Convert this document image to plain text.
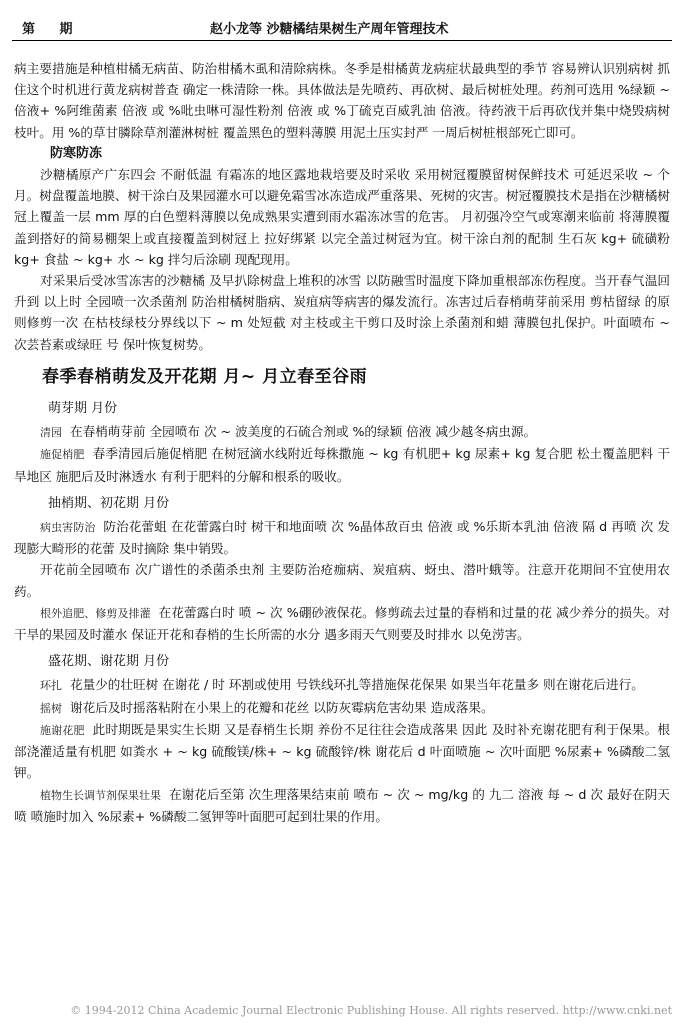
第 期	赵小龙等 沙糖橘结果树生产周年管理技术

病主要措施是种植柑橘无病苗、防治柑橘木虱和清除病株。冬季是柑橘黄龙病症状最典型的季节 容易辨认识别病树 抓住这个时机进行黄龙病树普查 确定一株清除一株。具体做法是先喷药、再砍树、最后树桩处理。药剂可选用 %绿颖 ~ 倍液+ %阿维菌素 倍液 或 %吡虫啉可湿性粉剂 倍液 或 %丁硫克百威乳油 倍液。待药液干后再砍伐并集中烧毁病树枝叶。用 %的草甘膦除草剂灌淋树桩 覆盖黑色的塑料薄膜 用泥土压实封严 一周后树桩根部死亡即可。

防寒防冻

沙糖橘原产广东四会 不耐低温 有霜冻的地区露地栽培要及时采收 采用树冠覆膜留树保鲜技术 可延迟采收 ~ 个月。树盘覆盖地膜、树干涂白及果园灌水可以避免霜雪冰冻造成严重落果、死树的灾害。树冠覆膜技术是指在沙糖橘树冠上覆盖一层 mm 厚的白色塑料薄膜以免成熟果实遭到雨水霜冻冰雪的危害。 月初强冷空气或寒潮来临前 将薄膜覆盖到搭好的简易棚架上或直接覆盖到树冠上 拉好绑紧 以完全盖过树冠为宜。树干涂白剂的配制 生石灰 kg+ 硫磺粉 kg+ 食盐 ~ kg+ 水 ~ kg 拌匀后涂刷 现配现用。

对采果后受冰雪冻害的沙糖橘 及早扒除树盘上堆积的冰雪 以防融雪时温度下降加重根部冻伤程度。当开春气温回升到 以上时 全园喷一次杀菌剂 防治柑橘树脂病、炭疽病等病害的爆发流行。冻害过后春梢萌芽前采用 剪枯留绿 的原则修剪一次 在枯枝绿枝分界线以下 ~ m 处短截 对主枝或主干剪口及时涂上杀菌剂和蜡 薄膜包扎保护。叶面喷布 ~ 次芸苔素或绿旺 号 保叶恢复树势。

春季春梢萌发及开花期 月~ 月立春至谷雨
萌芽期 月份

清园 在春梢萌芽前 全园喷布 次 ~ 波美度的石硫合剂或 %的绿颖 倍液 减少越冬病虫源。

施促梢肥 春季清园后施促梢肥 在树冠滴水线附近每株撒施 ~ kg 有机肥+ kg 尿素+ kg 复合肥 松土覆盖肥料 干旱地区 施肥后及时淋透水 有利于肥料的分解和根系的吸收。

抽梢期、初花期 月份

病虫害防治 防治花蕾蛆 在花蕾露白时 树干和地面喷 次 %晶体敌百虫 倍液 或 %乐斯本乳油 倍液 隔 d 再喷 次 发现膨大畸形的花蕾 及时摘除 集中销毁。

开花前全园喷布 次广谱性的杀菌杀虫剂 主要防治疮痂病、炭疽病、蚜虫、潜叶蛾等。注意开花期间不宜使用农药。

根外追肥、修剪及排灌 在花蕾露白时 喷 ~ 次 %硼砂液保花。修剪疏去过量的春梢和过量的花 减少养分的损失。对干旱的果园及时灌水 保证开花和春梢的生长所需的水分 遇多雨天气则要及时排水 以免涝害。

盛花期、谢花期 月份

环扎 花量少的壮旺树 在谢花 / 时 环割或使用 号铁线环扎等措施保花保果 如果当年花量多 则在谢花后进行。

摇树 谢花后及时摇落粘附在小果上的花瓣和花丝 以防灰霉病危害幼果 造成落果。

施谢花肥 此时期既是果实生长期 又是春梢生长期 养份不足往往会造成落果 因此 及时补充谢花肥有利于保果。根部浇灌适量有机肥 如粪水 + ~ kg 硫酸镁/株+ ~ kg 硫酸锌/株 谢花后 d 叶面喷施 ~ 次叶面肥 %尿素+ %磷酸二氢钾。

植物生长调节剂保果壮果 在谢花后至第 次生理落果结束前 喷布 ~ 次 ~ mg/kg 的 九二 溶液 每 ~ d 次 最好在阴天喷 喷施时加入 %尿素+ %磷酸二氢钾等叶面肥可起到壮果的作用。

© 1994-2012 China Academic Journal Electronic Publishing House. All rights reserved. http://www.cnki.net
